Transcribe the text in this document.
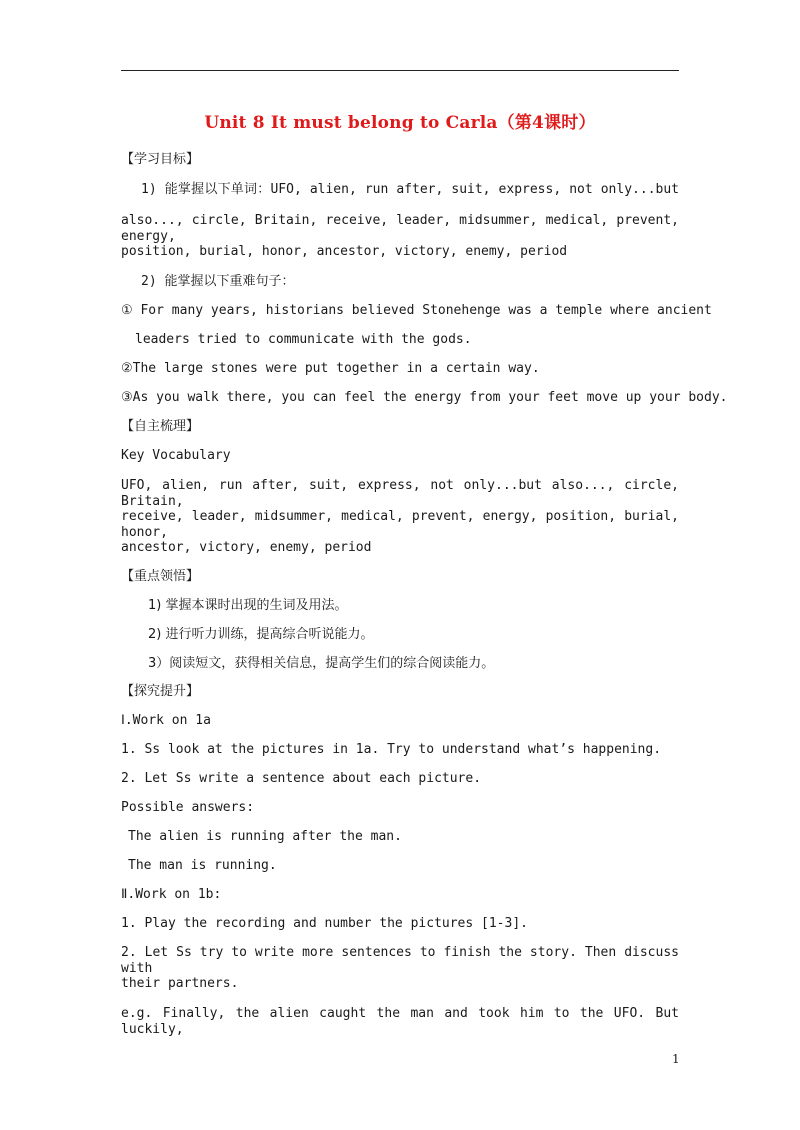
Unit 8 It must belong to Carla（第4课时）
【学习目标】
1) 能掌握以下单词：UFO, alien, run after, suit, express, not only...but
also..., circle, Britain, receive, leader, midsummer, medical, prevent, energy,
position, burial, honor, ancestor, victory, enemy, period
2) 能掌握以下重难句子：
① For many years, historians believed Stonehenge was a temple where ancient
leaders tried to communicate with the gods.
②The large stones were put together in a certain way.
③As you walk there, you can feel the energy from your feet move up your body.
【自主梳理】
Key Vocabulary
UFO, alien, run after, suit, express, not only...but also..., circle, Britain,
receive, leader, midsummer, medical, prevent, energy, position, burial, honor,
ancestor, victory, enemy, period
【重点领悟】
1) 掌握本课时出现的生词及用法。
2) 进行听力训练，提高综合听说能力。
3）阅读短文，获得相关信息，提高学生们的综合阅读能力。
【探究提升】
Ⅰ.Work on 1a
1. Ss look at the pictures in 1a. Try to understand what’s happening.
2. Let Ss write a sentence about each picture.
Possible answers:
The alien is running after the man.
The man is running.
Ⅱ.Work on 1b:
1. Play the recording and number the pictures [1-3].
2. Let Ss try to write more sentences to finish the story. Then discuss with
their partners.
e.g. Finally, the alien caught the man and took him to the UFO. But luckily,
1
